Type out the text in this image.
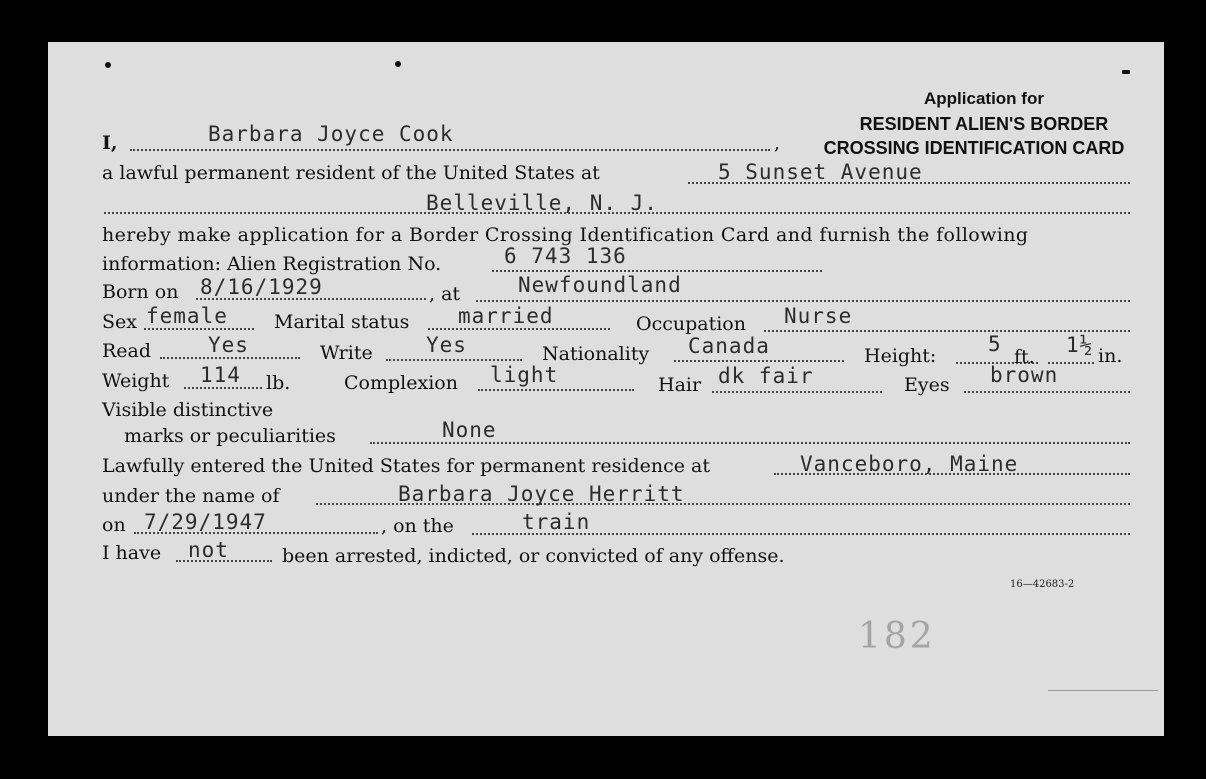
Application for
RESIDENT ALIEN'S BORDER
CROSSING IDENTIFICATION CARD
I,	Barbara Joyce Cook	,
a lawful permanent resident of the United States at	5 Sunset Avenue
Belleville, N. J.
hereby make application for a Border Crossing Identification Card and furnish the following
information: Alien Registration No.	6 743 136
Born on 8/16/1929	, at	Newfoundland
Sex female Marital status married	Occupation Nurse
Read	Yes	Write	Yes	Nationality Canada	Height: 5
ft. 1½ in.
Weight 114 lb.	Complexion light	Hair dk fair	Eyes brown
Visible distinctive
marks or peculiarities	None
Lawfully entered the United States for permanent residence at	Vanceboro, Maine
under the name of	Barbara Joyce Herritt
on 7/29/1947	, on the	train
I have not	been arrested, indicted, or convicted of any offense.
16—42683-2
182
